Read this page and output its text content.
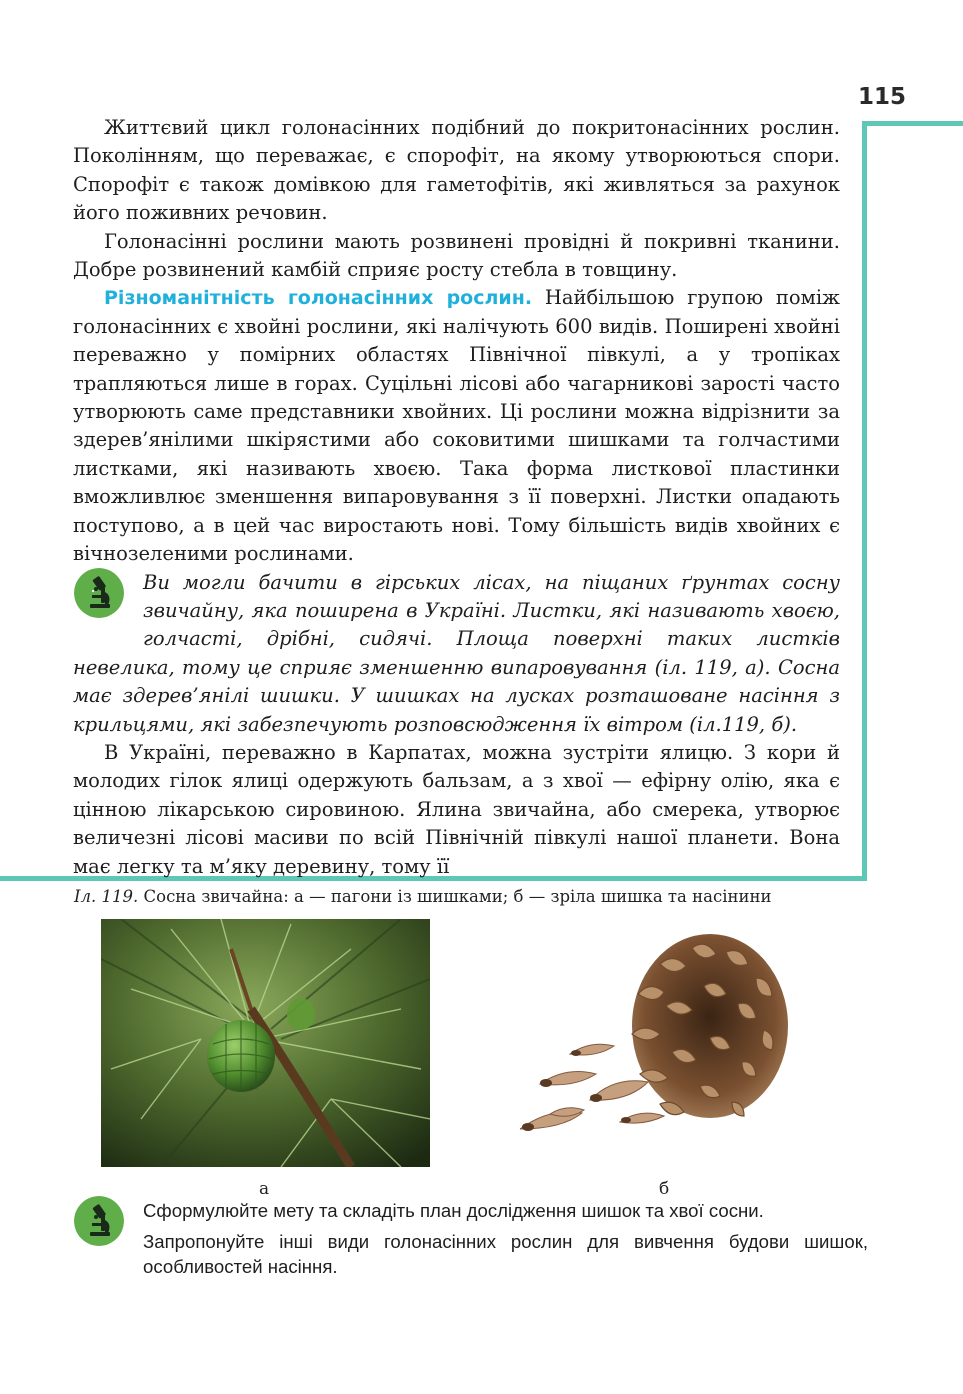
115

Життєвий цикл голонасінних подібний до покритонасінних рослин. Поколінням, що переважає, є спорофіт, на якому утворюються спори. Спорофіт є також домівкою для гаметофітів, які живляться за рахунок його поживних речовин.

Голонасінні рослини мають розвинені провідні й покривні тканини. Добре розвинений камбій сприяє росту стебла в товщину.

Різноманітність голонасінних рослин. Найбільшою групою поміж голонасінних є хвойні рослини, які налічують 600 видів. Поширені хвойні переважно у помірних областях Північної півкулі, а у тропіках трапляються лише в горах. Суцільні лісові або чагарникові зарості часто утворюють саме представники хвойних. Ці рослини можна відрізнити за здерев’янілими шкірястими або соковитими шишками та голчастими листками, які називають хвоєю. Така форма листкової пластинки вможливлює зменшення випаровування з її поверхні. Листки опадають поступово, а в цей час виростають нові. Тому більшість видів хвойних є вічнозеленими рослинами.

Ви могли бачити в гірських лісах, на піщаних ґрунтах сосну звичайну, яка поширена в Україні. Листки, які називають хвоєю, голчасті, дрібні, сидячі. Площа поверхні таких листків невелика, тому це сприяє зменшенню випаровування (іл. 119, а). Сосна має здерев’янілі шишки. У шишках на лусках розташоване насіння з крильцями, які забезпечують розповсюдження їх вітром (іл.119, б).

В Україні, переважно в Карпатах, можна зустріти ялицю. З кори й молодих гілок ялиці одержують бальзам, а з хвої — ефірну олію, яка є цінною лікарською сировиною. Ялина звичайна, або смерека, утворює величезні лісові масиви по всій Північній півкулі нашої планети. Вона має легку та м’яку деревину, тому її

Іл. 119. Сосна звичайна: а — пагони із шишками; б — зріла шишка та насінини
а	б

Сформулюйте мету та складіть план дослідження шишок та хвої сосни.

Запропонуйте інші види голонасінних рослин для вивчення будови шишок, особливостей насіння.
